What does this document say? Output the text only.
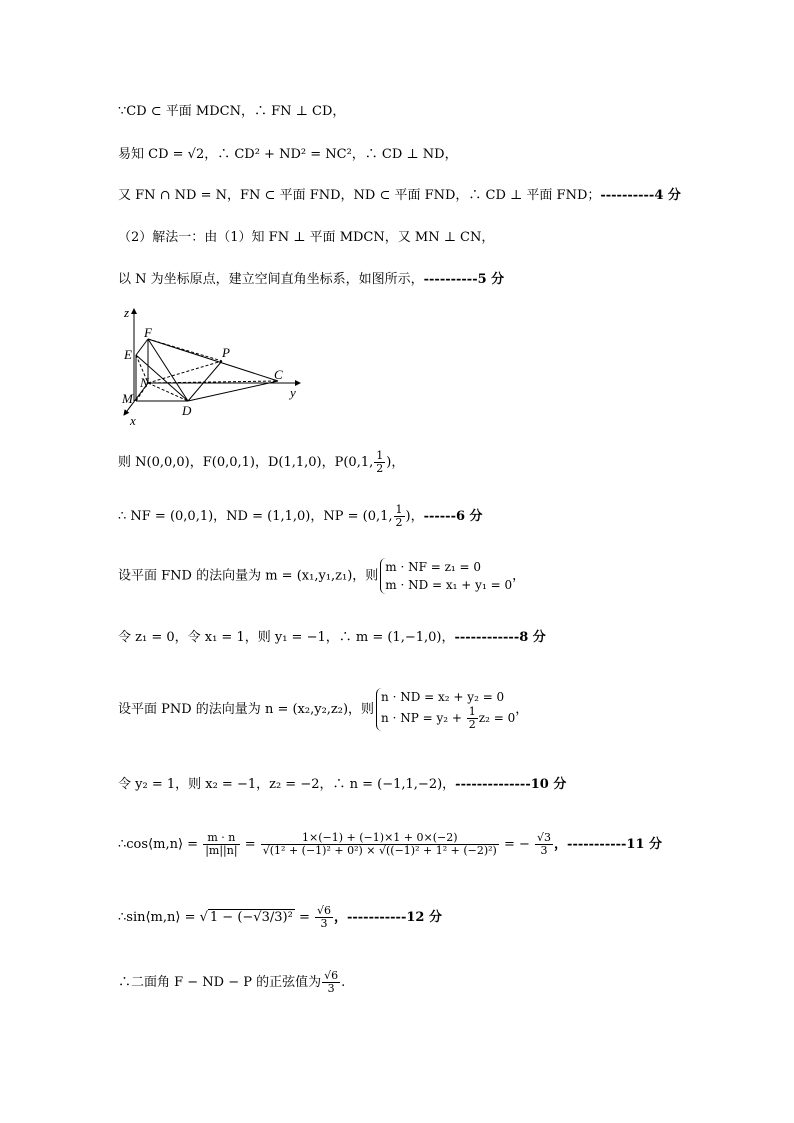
∵CD ⊂ 平面 MDCN，∴ FN ⊥ CD，
易知 CD = √2，∴ CD² + ND² = NC²，∴ CD ⊥ ND，
又 FN ∩ ND = N，FN ⊂ 平面 FND，ND ⊂ 平面 FND，∴ CD ⊥ 平面 FND；----------4 分
（2）解法一：由（1）知 FN ⊥ 平面 MDCN，又 MN ⊥ CN，
以 N 为坐标原点，建立空间直角坐标系，如图所示，----------5 分
z
F
E	P
N
C
y
M
D
x
则 N(0,0,0)，F(0,0,1)，D(1,1,0)，P(0,1, $\frac{1}{2}$ )，
∴ NF = (0,0,1)，ND = (1,1,0)，NP = (0,1, $\frac{1}{2}$ )，------6 分
设平面 FND 的法向量为 m = (x₁,y₁,z₁)，则
m · NF = z₁ = 0
m · ND = x₁ + y₁ = 0
，
令 z₁ = 0，令 x₁ = 1，则 y₁ = −1，∴ m = (1,−1,0)，------------8 分
设平面 PND 的法向量为 n = (x₂,y₂,z₂)，则
n · ND = x₂ + y₂ = 0
n · NP = $y_2 + \frac{1}{2} z_2 = 0$
，
令 y₂ = 1，则 x₂ = −1，z₂ = −2，∴ n = (−1,1,−2)，--------------10 分
∴cos⟨m,n⟩ = $\frac{m \cdot n}{|m||n|} = \frac{1\times(-1) + (-1)\times 1 + 0\times(-2)}{\text{√(1² + (−1)² + 0²) × √((−1)² + 1² + (−2)²)}}$ = − $\frac{√3}{3}$ ，-----------11 分
∴sin⟨m,n⟩ = √ $1 - (-√3/3)^2 = \frac{√6}{3}$ ，-----------12 分
∴二面角 F − ND − P 的正弦值为 $\frac{√6}{3}$ .
